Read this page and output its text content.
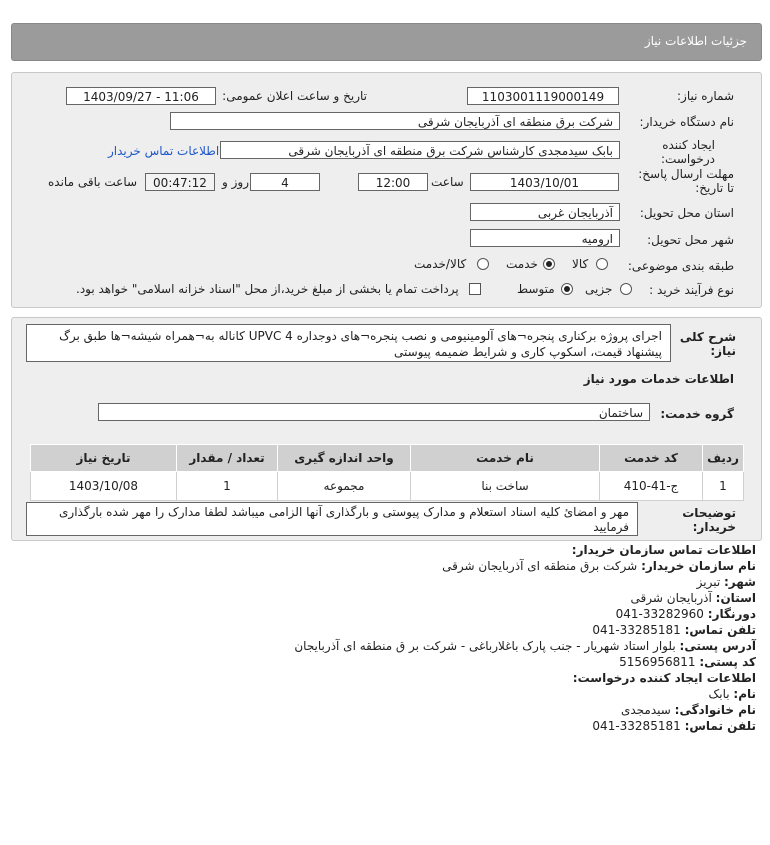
جزئیات اطلاعات نیاز
شماره نیاز:
1103001119000149
تاریخ و ساعت اعلان عمومی:
1403/09/27 - 11:06
نام دستگاه خریدار:
شرکت برق منطقه ای آذربایجان شرقی
ایجاد کننده
درخواست:
بابک سیدمجدی کارشناس شرکت برق منطقه ای آذربایجان شرقی
اطلاعات تماس خریدار
مهلت ارسال پاسخ:
تا تاریخ:
1403/10/01
ساعت
12:00
4
روز و
00:47:12
ساعت باقی مانده
استان محل تحویل:
آذربایجان غربی
شهر محل تحویل:
ارومیه
طبقه بندی موضوعی:
کالا
خدمت
کالا/خدمت
نوع فرآیند خرید :
جزیی
متوسط
پرداخت تمام یا بخشی از مبلغ خرید،از محل "اسناد خزانه اسلامی" خواهد بود.
شرح کلی نیاز:
اجرای پروژه برکناری پنجره¬های آلومینیومی و نصب پنجره¬های دوجداره UPVC 4 کاناله به¬همراه شیشه¬ها طبق برگ
پیشنهاد قیمت، اسکوپ کاری و شرایط ضمیمه پیوستی
اطلاعات خدمات مورد نیاز
گروه خدمت:
ساختمان
ردیف	کد خدمت	نام خدمت	واحد اندازه گیری	تعداد / مقدار	تاریخ نیاز
1	ج-41-410	ساخت بنا	مجموعه	1	1403/10/08
توضیحات خریدار:
مهر و امضائ کلیه اسناد استعلام و مدارک پیوستی و بارگذاری آنها الزامی میباشد لطفا مدارک را مهر شده بارگذاری
فرمایید
اطلاعات تماس سازمان خریدار:
نام سازمان خریدار: شرکت برق منطقه ای آذربایجان شرقی
شهر: تبریز
استان: آذربایجان شرقی
دورنگار: 041-33282960
تلفن تماس: 041-33285181
آدرس پستی: بلوار استاد شهریار - جنب پارک باغلارباغی - شرکت بر ق منطقه ای آذربایجان
کد پستی: 5156956811
اطلاعات ایجاد کننده درخواست:
نام: بابک
نام خانوادگی: سیدمجدی
تلفن تماس: 041-33285181
